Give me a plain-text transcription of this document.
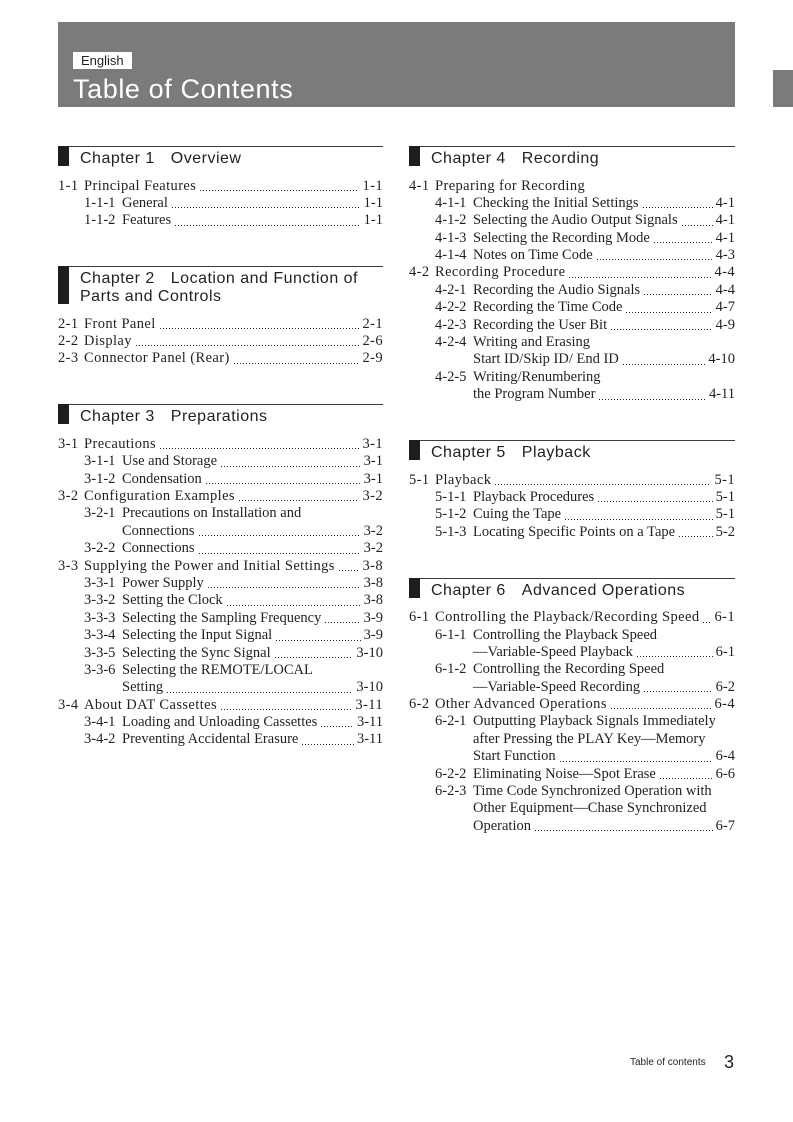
English
Table of Contents
Chapter 1 Overview
1-1 Principal Features	1-1
1-1-1 General	1-1
1-1-2 Features	1-1
Chapter 2 Location and Function of
Parts and Controls
2-1 Front Panel	2-1
2-2 Display	2-6
2-3 Connector Panel (Rear)	2-9
Chapter 3 Preparations
3-1 Precautions	3-1
3-1-1 Use and Storage	3-1
3-1-2 Condensation	3-1
3-2 Configuration Examples	3-2
3-2-1 Precautions on Installation and
Connections	3-2
3-2-2 Connections	3-2
3-3 Supplying the Power and Initial Settings 3-8
3-3-1 Power Supply	3-8
3-3-2 Setting the Clock	3-8
3-3-3 Selecting the Sampling Frequency	3-9
3-3-4 Selecting the Input Signal	3-9
3-3-5 Selecting the Sync Signal	3-10
3-3-6 Selecting the REMOTE/LOCAL
Setting	3-10
3-4 About DAT Cassettes	3-11
3-4-1 Loading and Unloading Cassettes	3-11
3-4-2 Preventing Accidental Erasure	3-11
Chapter 4 Recording
4-1 Preparing for Recording
4-1-1 Checking the Initial Settings	4-1
4-1-2 Selecting the Audio Output Signals	4-1
4-1-3 Selecting the Recording Mode	4-1
4-1-4 Notes on Time Code	4-3
4-2 Recording Procedure	4-4
4-2-1 Recording the Audio Signals	4-4
4-2-2 Recording the Time Code	4-7
4-2-3 Recording the User Bit	4-9
4-2-4 Writing and Erasing
Start ID/Skip ID/ End ID	4-10
4-2-5 Writing/Renumbering
the Program Number	4-11
Chapter 5 Playback
5-1 Playback	5-1
5-1-1 Playback Procedures	5-1
5-1-2 Cuing the Tape	5-1
5-1-3 Locating Specific Points on a Tape	5-2
Chapter 6 Advanced Operations
6-1 Controlling the Playback/Recording Speed 6-1
6-1-1 Controlling the Playback Speed
—Variable-Speed Playback	6-1
6-1-2 Controlling the Recording Speed
—Variable-Speed Recording	6-2
6-2 Other Advanced Operations	6-4
6-2-1 Outputting Playback Signals Immediately
after Pressing the PLAY Key—Memory
Start Function	6-4
6-2-2 Eliminating Noise—Spot Erase	6-6
6-2-3 Time Code Synchronized Operation with
Other Equipment—Chase Synchronized
Operation	6-7
Table of contents 3
